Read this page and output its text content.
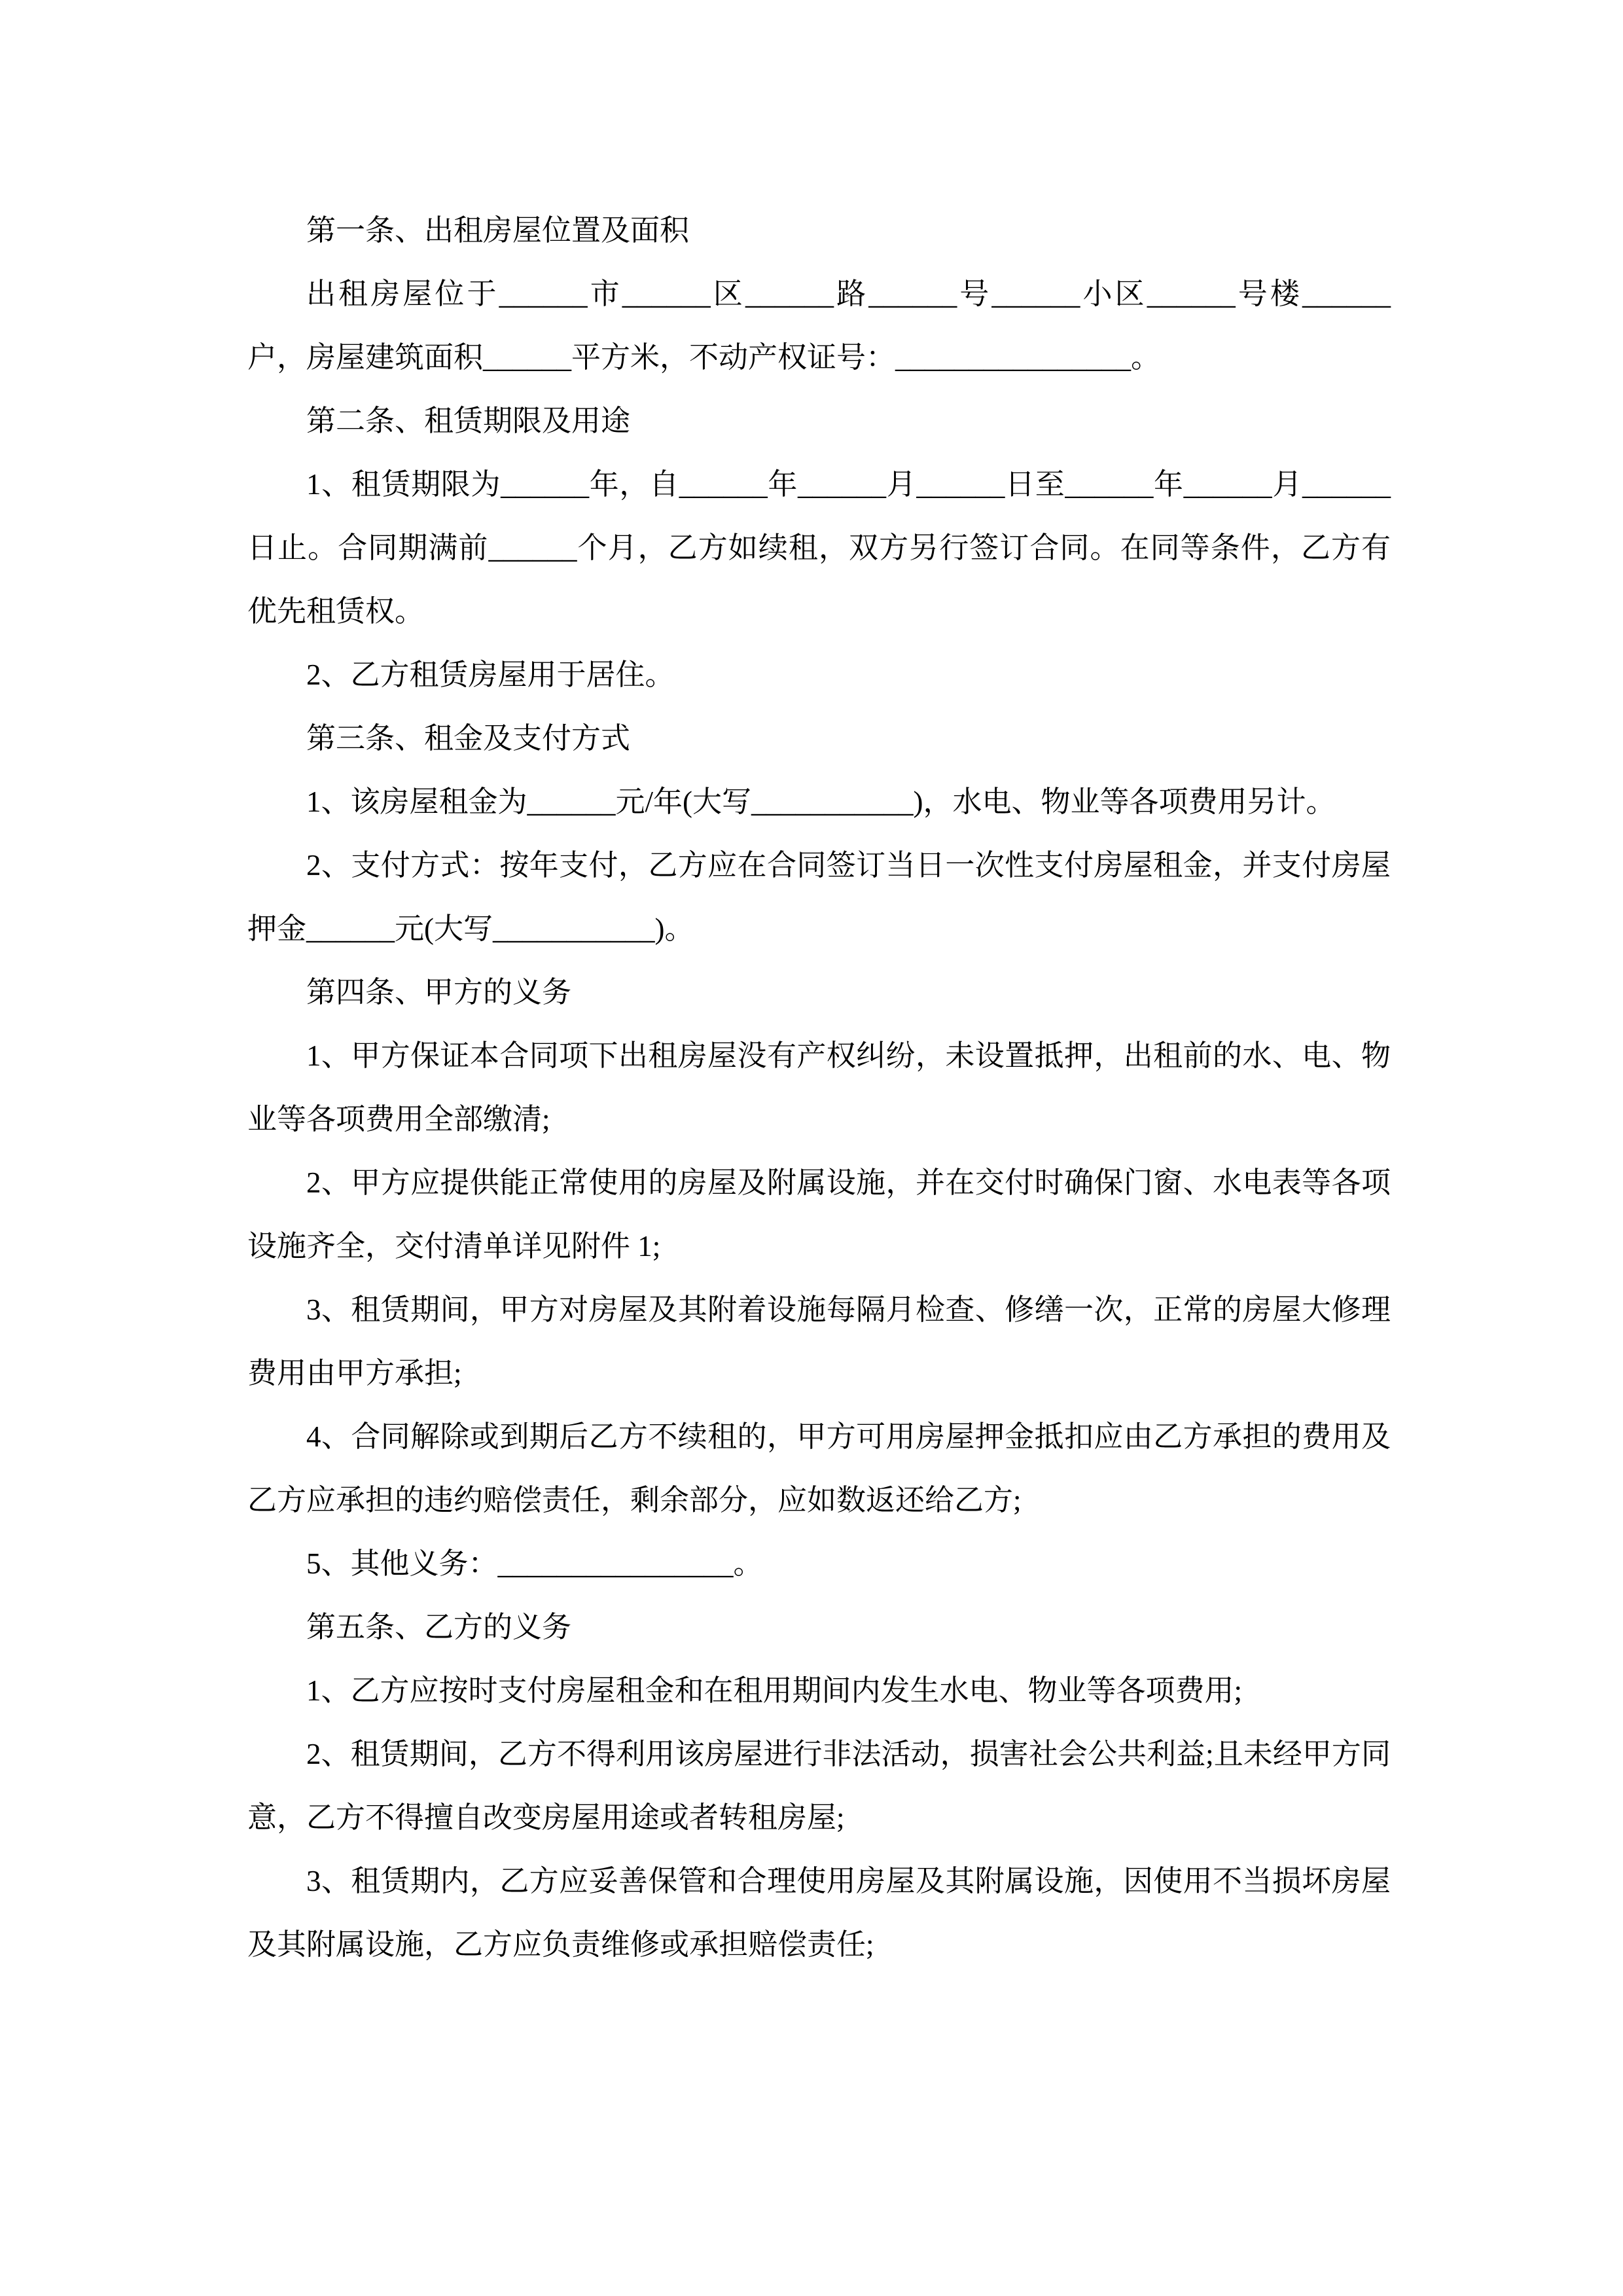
第一条、出租房屋位置及面积

出租房屋位于______市______区______路______号______小区______号楼______户，房屋建筑面积______平方米，不动产权证号：________________。

第二条、租赁期限及用途

1、租赁期限为______年，自______年______月______日至______年______月______日止。合同期满前______个月，乙方如续租，双方另行签订合同。在同等条件，乙方有优先租赁权。

2、乙方租赁房屋用于居住。

第三条、租金及支付方式

1、该房屋租金为______元/年(大写___________)，水电、物业等各项费用另计。

2、支付方式：按年支付，乙方应在合同签订当日一次性支付房屋租金，并支付房屋押金______元(大写___________)。

第四条、甲方的义务

1、甲方保证本合同项下出租房屋没有产权纠纷，未设置抵押，出租前的水、电、物业等各项费用全部缴清;

2、甲方应提供能正常使用的房屋及附属设施，并在交付时确保门窗、水电表等各项设施齐全，交付清单详见附件 1;

3、租赁期间，甲方对房屋及其附着设施每隔月检查、修缮一次，正常的房屋大修理费用由甲方承担;

4、合同解除或到期后乙方不续租的，甲方可用房屋押金抵扣应由乙方承担的费用及乙方应承担的违约赔偿责任，剩余部分，应如数返还给乙方;

5、其他义务：________________。

第五条、乙方的义务

1、乙方应按时支付房屋租金和在租用期间内发生水电、物业等各项费用;

2、租赁期间，乙方不得利用该房屋进行非法活动，损害社会公共利益;且未经甲方同意，乙方不得擅自改变房屋用途或者转租房屋;

3、租赁期内，乙方应妥善保管和合理使用房屋及其附属设施，因使用不当损坏房屋及其附属设施，乙方应负责维修或承担赔偿责任;
